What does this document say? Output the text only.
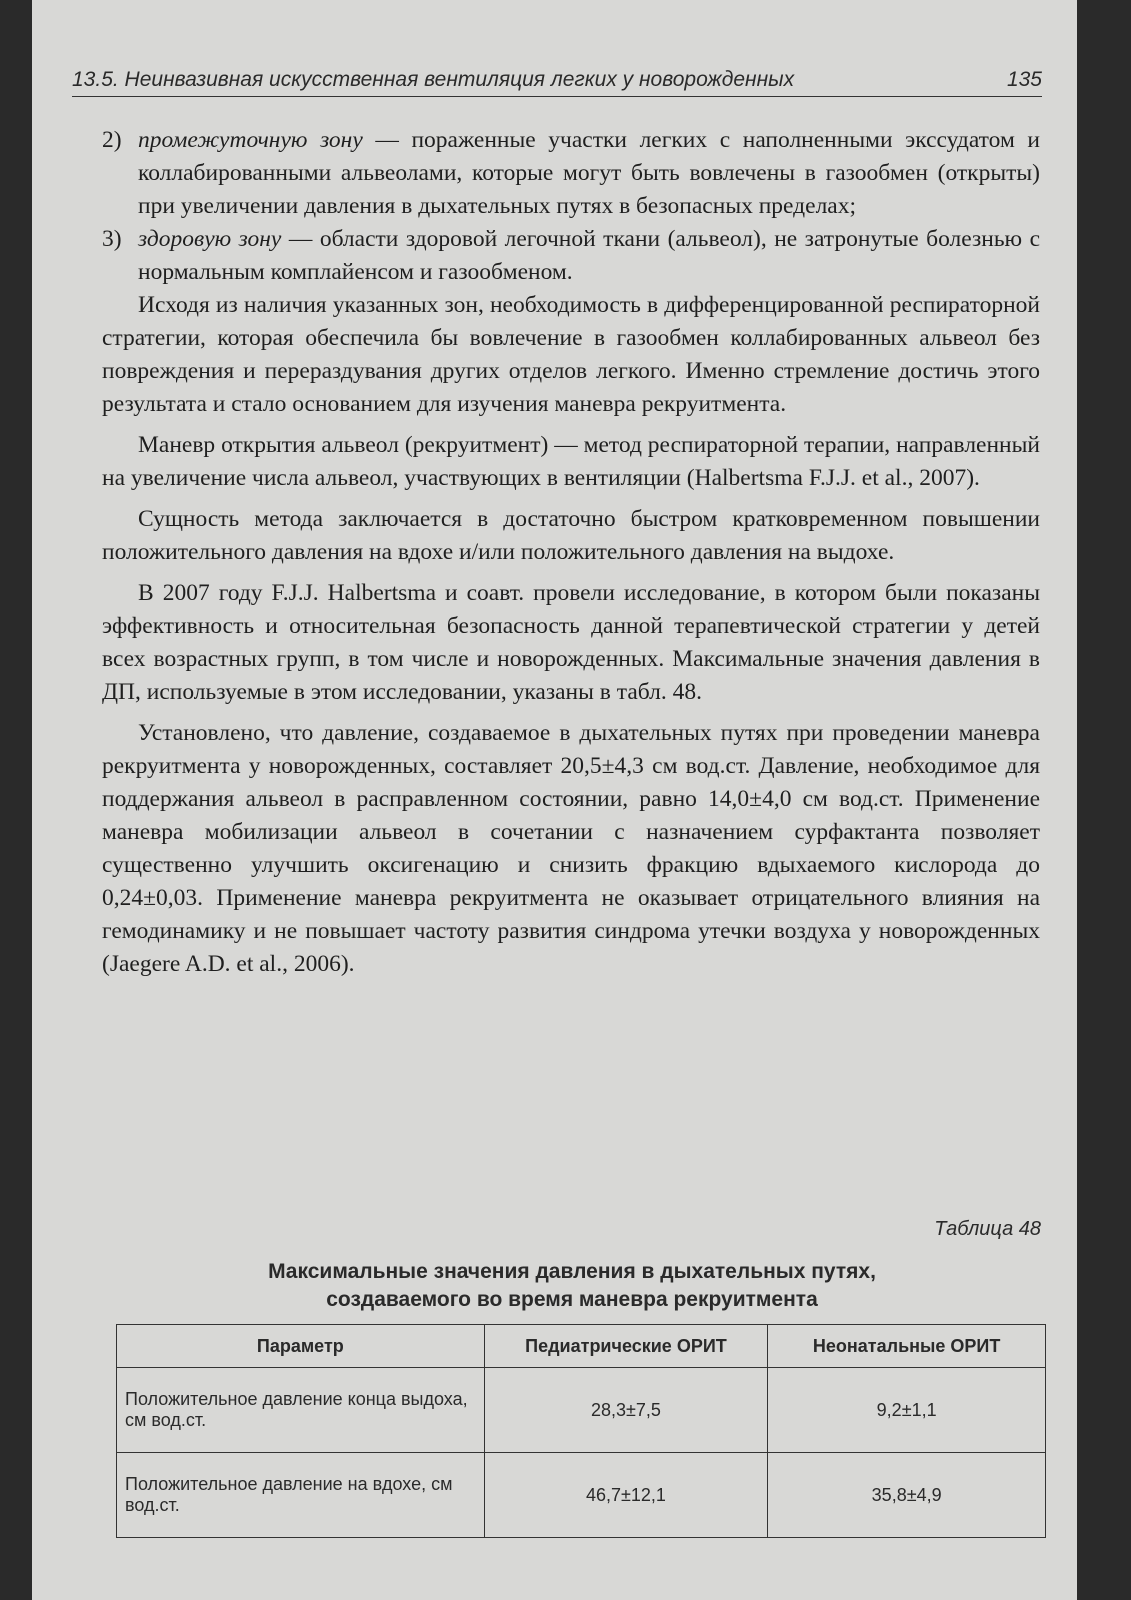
13.5. Неинвазивная искусственная вентиляция легких у новорожденных	135

2) промежуточную зону — пораженные участки легких с наполненными экссудатом и коллабированными альвеолами, которые могут быть вовлечены в газообмен (открыты) при увеличении давления в дыхательных путях в безопасных пределах;

3) здоровую зону — области здоровой легочной ткани (альвеол), не затронутые болезнью с нормальным комплайенсом и газообменом.

Исходя из наличия указанных зон, необходимость в дифференцированной респираторной стратегии, которая обеспечила бы вовлечение в газообмен коллабированных альвеол без повреждения и перераздувания других отделов легкого. Именно стремление достичь этого результата и стало основанием для изучения маневра рекруитмента.

Маневр открытия альвеол (рекруитмент) — метод респираторной терапии, направленный на увеличение числа альвеол, участвующих в вентиляции (Halbertsma F.J.J. et al., 2007).

Сущность метода заключается в достаточно быстром кратковременном повышении положительного давления на вдохе и/или положительного давления на выдохе.

В 2007 году F.J.J. Halbertsma и соавт. провели исследование, в котором были показаны эффективность и относительная безопасность данной терапевтической стратегии у детей всех возрастных групп, в том числе и новорожденных. Максимальные значения давления в ДП, используемые в этом исследовании, указаны в табл. 48.

Установлено, что давление, создаваемое в дыхательных путях при проведении маневра рекруитмента у новорожденных, составляет 20,5±4,3 см вод.ст. Давление, необходимое для поддержания альвеол в расправленном состоянии, равно 14,0±4,0 см вод.ст. Применение маневра мобилизации альвеол в сочетании с назначением сурфактанта позволяет существенно улучшить оксигенацию и снизить фракцию вдыхаемого кислорода до 0,24±0,03. Применение маневра рекруитмента не оказывает отрицательного влияния на гемодинамику и не повышает частоту развития синдрома утечки воздуха у новорожденных (Jaegere A.D. et al., 2006).

Таблица 48
Максимальные значения давления в дыхательных путях,
создаваемого во время маневра рекруитмента
Параметр	Педиатрические ОРИТ	Неонатальные ОРИТ
Положительное давление конца выдоха, см вод.ст.	28,3±7,5	9,2±1,1
Положительное давление на вдохе, см вод.ст.	46,7±12,1	35,8±4,9
